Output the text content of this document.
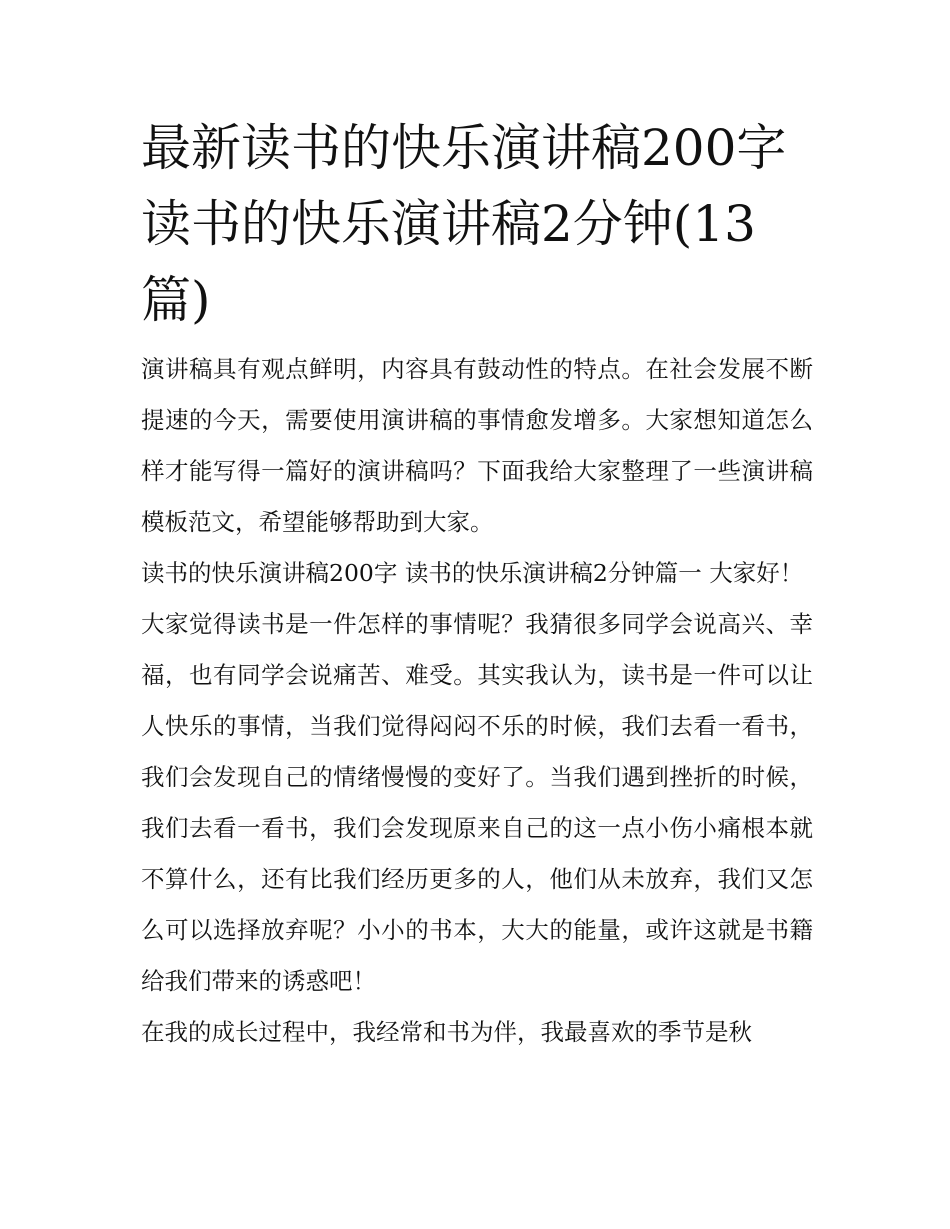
最新读书的快乐演讲稿200字
读书的快乐演讲稿2分钟(13
篇)

演讲稿具有观点鲜明，内容具有鼓动性的特点。在社会发展不断提速的今天，需要使用演讲稿的事情愈发增多。大家想知道怎么样才能写得一篇好的演讲稿吗？下面我给大家整理了一些演讲稿模板范文，希望能够帮助到大家。

读书的快乐演讲稿200字 读书的快乐演讲稿2分钟篇一 大家好！

大家觉得读书是一件怎样的事情呢？我猜很多同学会说高兴、幸福，也有同学会说痛苦、难受。其实我认为，读书是一件可以让人快乐的事情，当我们觉得闷闷不乐的时候，我们去看一看书，我们会发现自己的情绪慢慢的变好了。当我们遇到挫折的时候，我们去看一看书，我们会发现原来自己的这一点小伤小痛根本就不算什么，还有比我们经历更多的人，他们从未放弃，我们又怎么可以选择放弃呢？小小的书本，大大的能量，或许这就是书籍给我们带来的诱惑吧！

在我的成长过程中，我经常和书为伴，我最喜欢的季节是秋
